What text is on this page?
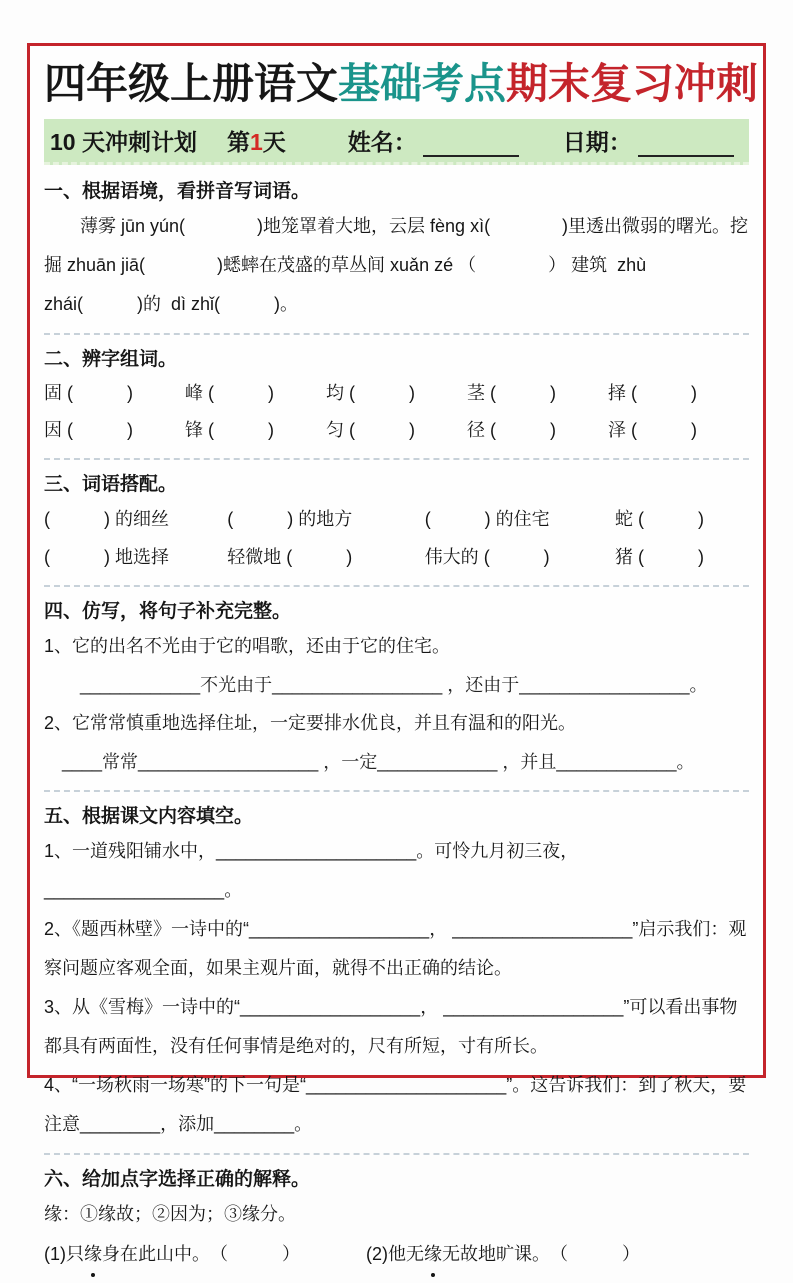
四年级上册语文基础考点期末复习冲刺
10 天冲刺计划 第1天	姓名：	日期：
一、根据语境，看拼音写词语。
　　薄雾 jūn yún(　　　　)地笼罩着大地，云层 fèng xì(　　　　)里透出微弱的曙光。挖掘 zhuān jiā(　　　　)蟋蟀在茂盛的草丛间 xuǎn zé （　　　　） 建筑  zhù zhái(　　　)的  dì zhǐ(　　　)。
二、辨字组词。
固 (　　　)	峰 (　　　)	均 (　　　)	茎 (　　　)	择 (　　　)
因 (　　　)	锋 (　　　)	匀 (　　　)	径 (　　　)	泽 (　　　)
三、词语搭配。
(　　　) 的细丝	(　　　) 的地方	(　　　) 的住宅	蛇 (　　　)
(　　　) 地选择	轻微地 (　　　)	伟大的 (　　　)	猪 (　　　)
四、仿写，将句子补充完整。
1、它的出名不光由于它的唱歌，还由于它的住宅。
　　____________不光由于_________________ ，还由于_________________。
2、它常常慎重地选择住址，一定要排水优良，并且有温和的阳光。
　____常常__________________ ，一定____________ ，并且____________。
五、根据课文内容填空。
1、一道残阳铺水中，____________________。可怜九月初三夜，__________________。
2、《题西林壁》一诗中的“__________________， __________________”启示我们：观察问题应客观全面，如果主观片面，就得不出正确的结论。
3、从《雪梅》一诗中的“__________________， __________________”可以看出事物都具有两面性，没有任何事情是绝对的，尺有所短，寸有所长。
4、“一场秋雨一场寒”的下一句是“____________________”。这告诉我们：到了秋天，要注意________，添加________。
六、给加点字选择正确的解释。
缘：①缘故；②因为；③缘分。
(1)只缘身在此山中。　（　　　）	(2)他无缘无故地旷课。　（　　　）
